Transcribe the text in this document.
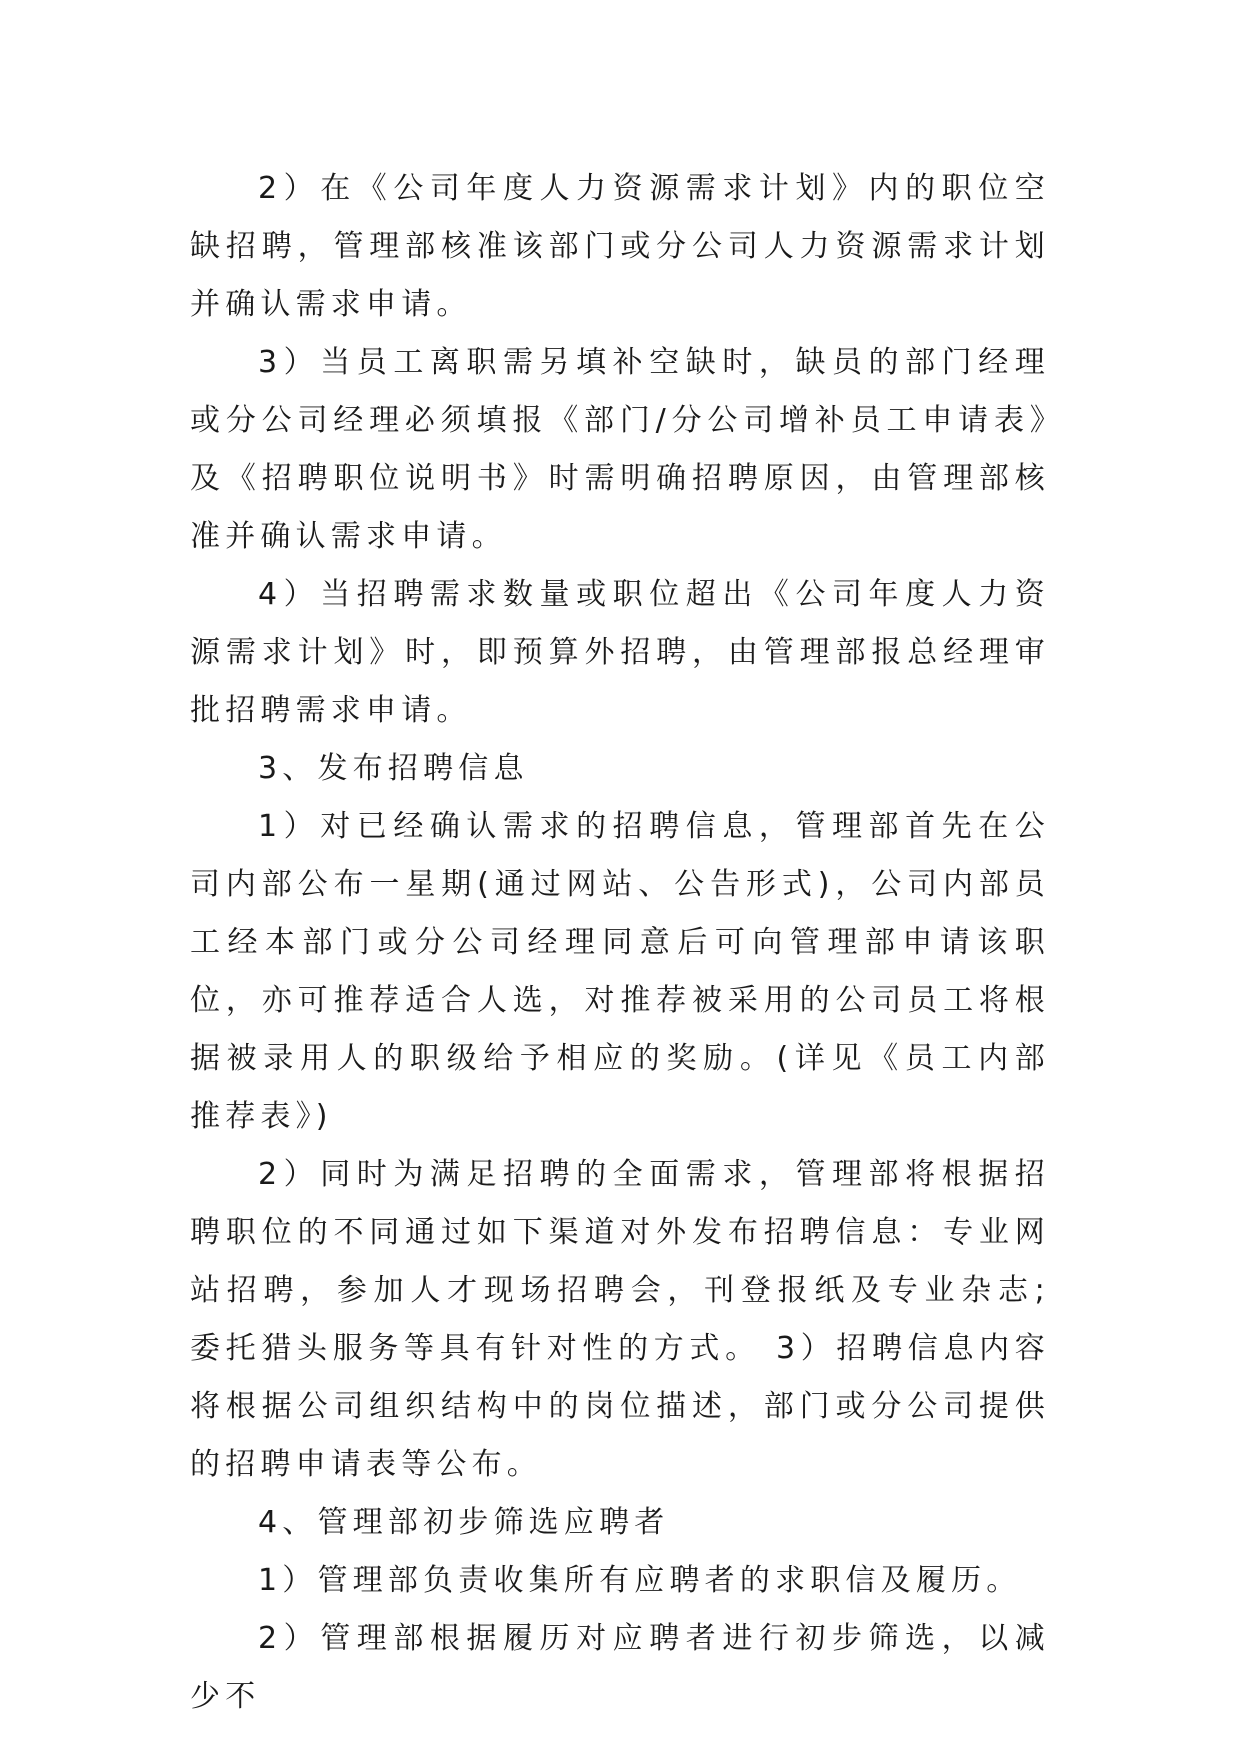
2）在《公司年度人力资源需求计划》内的职位空缺招聘，管理部核准该部门或分公司人力资源需求计划并确认需求申请。

3）当员工离职需另填补空缺时，缺员的部门经理或分公司经理必须填报《部门/分公司增补员工申请表》及《招聘职位说明书》时需明确招聘原因，由管理部核准并确认需求申请。

4）当招聘需求数量或职位超出《公司年度人力资源需求计划》时，即预算外招聘，由管理部报总经理审批招聘需求申请。

3、发布招聘信息

1）对已经确认需求的招聘信息，管理部首先在公司内部公布一星期(通过网站、公告形式)，公司内部员工经本部门或分公司经理同意后可向管理部申请该职位，亦可推荐适合人选，对推荐被采用的公司员工将根据被录用人的职级给予相应的奖励。(详见《员工内部推荐表》)

2）同时为满足招聘的全面需求，管理部将根据招聘职位的不同通过如下渠道对外发布招聘信息：专业网站招聘，参加人才现场招聘会，刊登报纸及专业杂志;委托猎头服务等具有针对性的方式。 3）招聘信息内容将根据公司组织结构中的岗位描述，部门或分公司提供的招聘申请表等公布。

4、管理部初步筛选应聘者

1）管理部负责收集所有应聘者的求职信及履历。

2）管理部根据履历对应聘者进行初步筛选，以减少不
